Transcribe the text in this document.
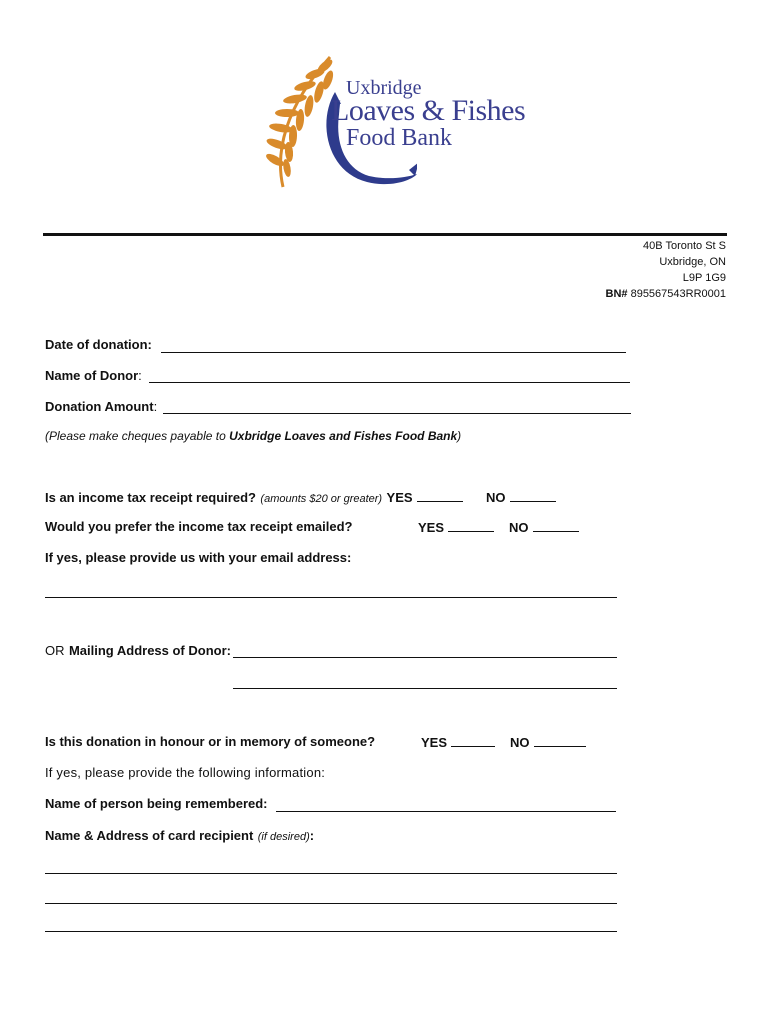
Uxbridge
Loaves & Fishes
Food Bank
40B Toronto St S
Uxbridge, ON
L9P 1G9
BN# 895567543RR0001
Date of donation:
Name of Donor:
Donation Amount:
(Please make cheques payable to Uxbridge Loaves and Fishes Food Bank)
Is an income tax receipt required? (amounts $20 or greater) YES	NO
Would you prefer the income tax receipt emailed?	YES	NO
If yes, please provide us with your email address:
OR Mailing Address of Donor:
Is this donation in honour or in memory of someone?	YES	NO
If yes, please provide the following information:
Name of person being remembered:
Name & Address of card recipient (if desired):
